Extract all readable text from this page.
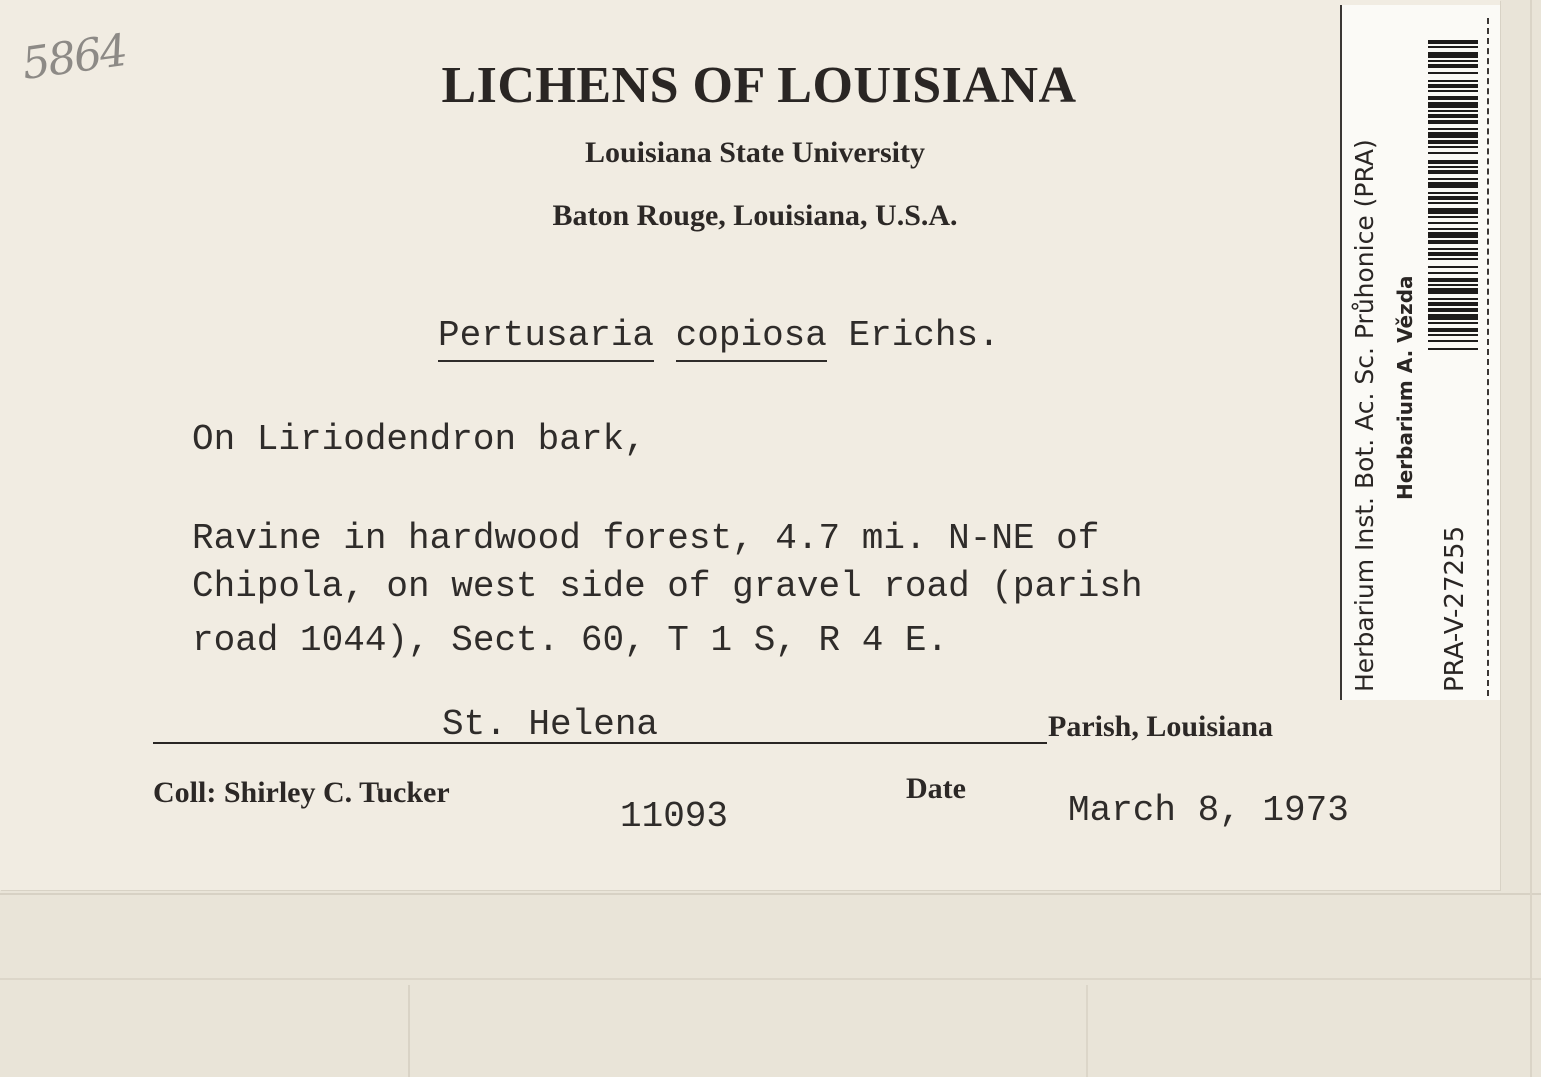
5864	LICHENS OF LOUISIANA
Louisiana State University
Baton Rouge, Louisiana, U.S.A.
Pertusaria copiosa Erichs.
On Liriodendron bark,
Ravine in hardwood forest, 4.7 mi. N-NE of
Chipola, on west side of gravel road (parish
road 1044), Sect. 60, T 1 S, R 4 E.
St. Helena	Parish, Louisiana
Coll: Shirley C. Tucker
11093
Date
March 8, 1973
Herbarium Inst. Bot. Ac. Sc. Průhonice (PRA) Herbarium A. Vězda
PRA-V-27255
